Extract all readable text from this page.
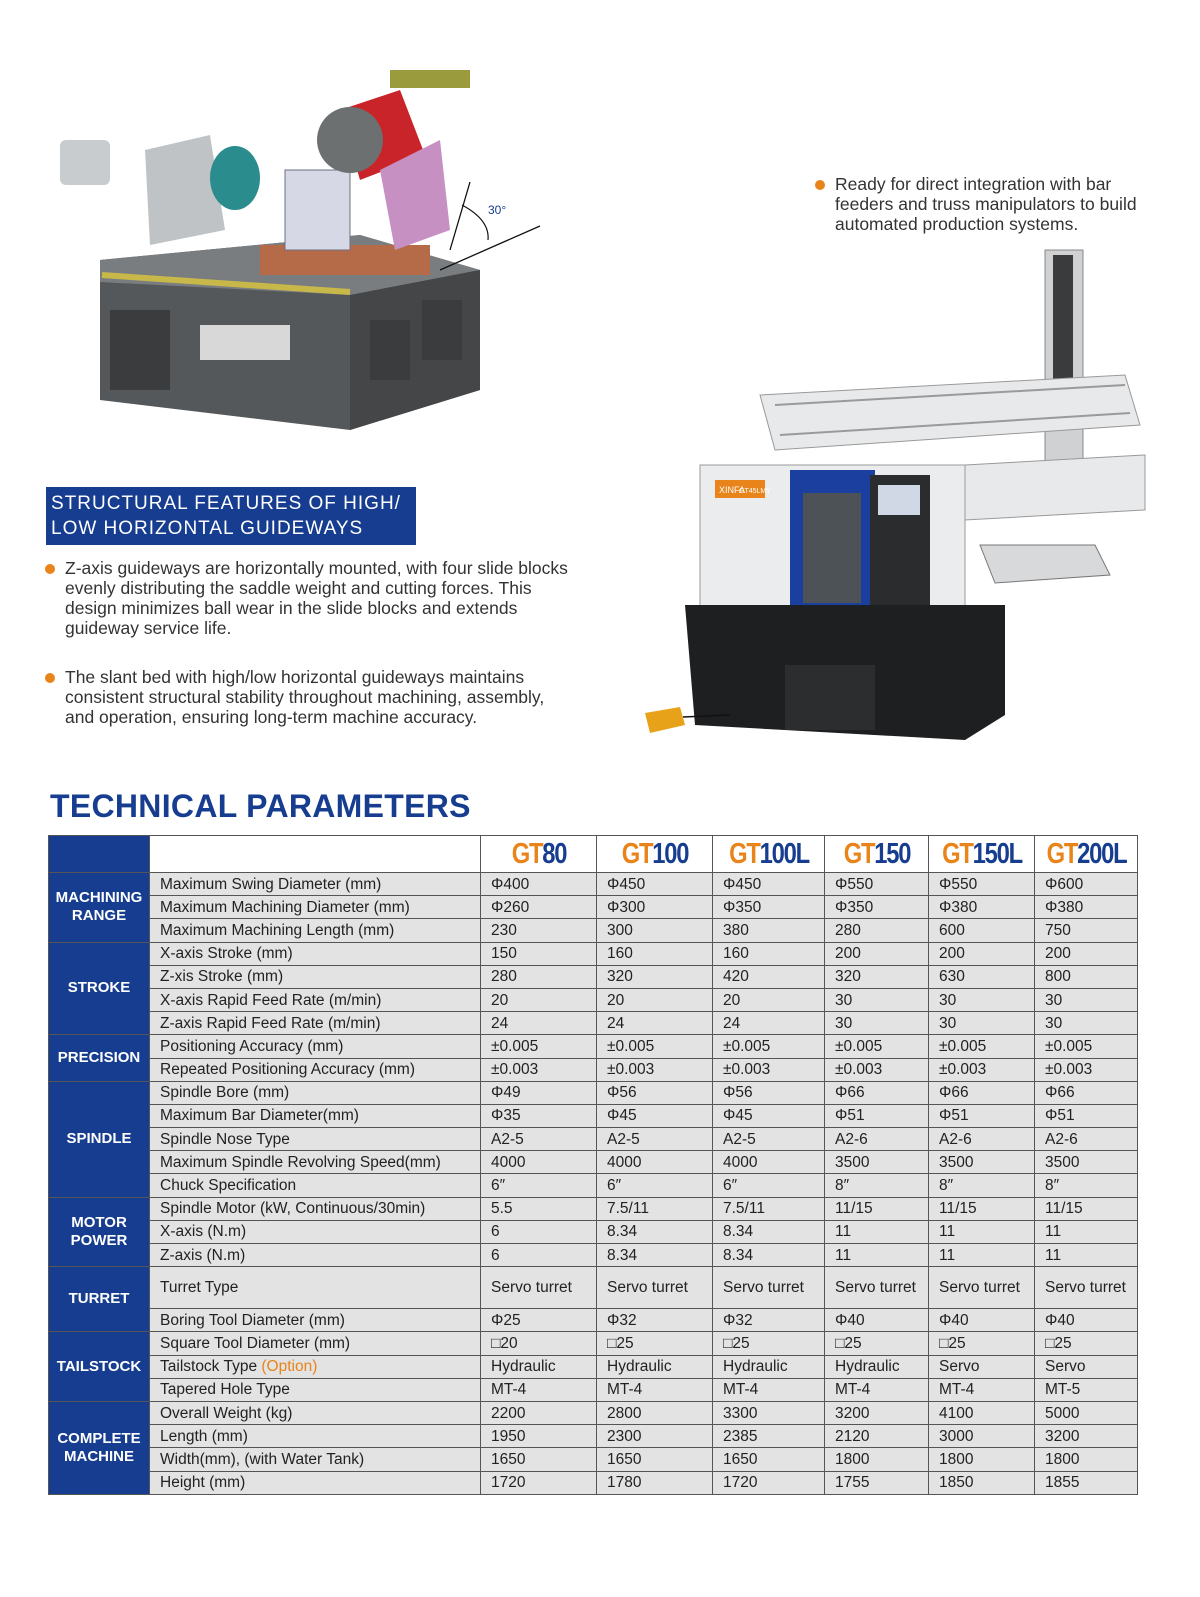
30°
XINFA
GT45LMY
Ready for direct integration with bar feeders and truss manipulators to build automated production systems.
STRUCTURAL FEATURES OF HIGH/
LOW HORIZONTAL GUIDEWAYS
Z-axis guideways are horizontally mounted, with four slide blocks evenly distributing the saddle weight and cutting forces. This design minimizes ball wear in the slide blocks and extends guideway service life.
The slant bed with high/low horizontal guideways maintains consistent structural stability throughout machining, assembly, and operation, ensuring long-term machine accuracy.
TECHNICAL PARAMETERS
		GT80	GT100	GT100L	GT150	GT150L	GT200L
MACHINING RANGE	Maximum Swing Diameter (mm)	Φ400	Φ450	Φ450	Φ550	Φ550	Φ600
	Maximum Machining Diameter (mm)	Φ260	Φ300	Φ350	Φ350	Φ380	Φ380
	Maximum Machining Length (mm)	230	300	380	280	600	750
STROKE	X-axis Stroke (mm)	150	160	160	200	200	200
	Z-xis Stroke (mm)	280	320	420	320	630	800
	X-axis Rapid Feed Rate (m/min)	20	20	20	30	30	30
	Z-axis Rapid Feed Rate (m/min)	24	24	24	30	30	30
PRECISION	Positioning Accuracy (mm)	±0.005	±0.005	±0.005	±0.005	±0.005	±0.005
	Repeated Positioning Accuracy (mm)	±0.003	±0.003	±0.003	±0.003	±0.003	±0.003
SPINDLE	Spindle Bore (mm)	Φ49	Φ56	Φ56	Φ66	Φ66	Φ66
	Maximum Bar Diameter(mm)	Φ35	Φ45	Φ45	Φ51	Φ51	Φ51
	Spindle Nose Type	A2-5	A2-5	A2-5	A2-6	A2-6	A2-6
	Maximum Spindle Revolving Speed(mm)	4000	4000	4000	3500	3500	3500
	Chuck Specification	6″	6″	6″	8″	8″	8″
MOTOR POWER	Spindle Motor (kW, Continuous/30min)	5.5	7.5/11	7.5/11	11/15	11/15	11/15
	X-axis (N.m)	6	8.34	8.34	11	11	11
	Z-axis (N.m)	6	8.34	8.34	11	11	11
TURRET	Turret Type	Servo turret	Servo turret	Servo turret	Servo turret	Servo turret	Servo turret
	Boring Tool Diameter (mm)	Φ25	Φ32	Φ32	Φ40	Φ40	Φ40
TAILSTOCK	Square Tool Diameter (mm)	□20	□25	□25	□25	□25	□25
	Tailstock Type (Option)	Hydraulic	Hydraulic	Hydraulic	Hydraulic	Servo	Servo
	Tapered Hole Type	MT-4	MT-4	MT-4	MT-4	MT-4	MT-5
COMPLETE MACHINE	Overall Weight (kg)	2200	2800	3300	3200	4100	5000
	Length (mm)	1950	2300	2385	2120	3000	3200
	Width(mm), (with Water Tank)	1650	1650	1650	1800	1800	1800
	Height (mm)	1720	1780	1720	1755	1850	1855
